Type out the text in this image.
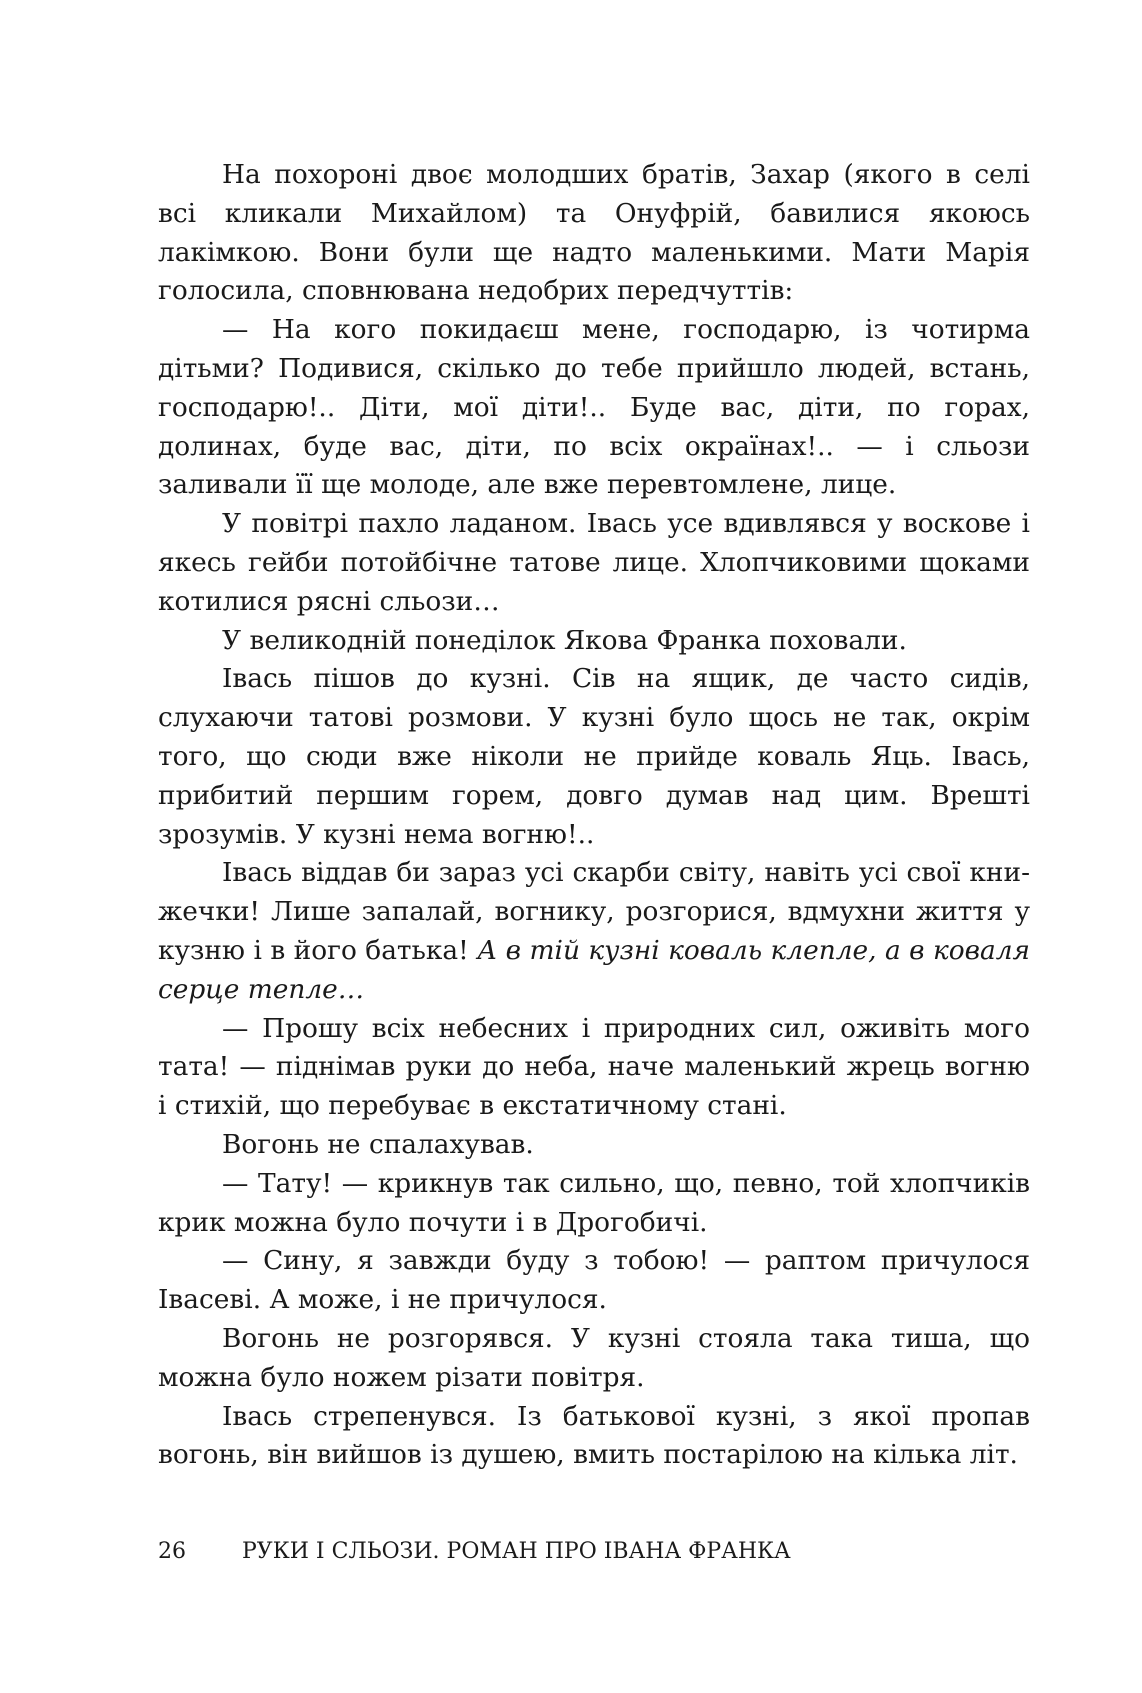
На похороні двоє молодших братів, Захар (якого в селі всі кликали Михайлом) та Онуфрій, бавилися якоюсь лакімкою. Вони були ще надто маленькими. Мати Марія голосила, сповнювана недобрих передчуттів:

— На кого покидаєш мене, господарю, із чотирма дітьми? Подивися, скілько до тебе прийшло людей, встань, господарю!.. Діти, мої діти!.. Буде вас, діти, по горах, долинах, буде вас, діти, по всіх окраїнах!.. — і сльози заливали її ще молоде, але вже перевтомлене, лице.

У повітрі пахло ладаном. Івась усе вдивлявся у воскове і якесь гейби потойбічне татове лице. Хлопчиковими щоками котилися рясні сльози…

У великодній понеділок Якова Франка поховали.

Івась пішов до кузні. Сів на ящик, де часто сидів, слухаючи татові розмови. У кузні було щось не так, окрім того, що сюди вже ніколи не прийде коваль Яць. Івась, прибитий першим горем, довго думав над цим. Врешті зрозумів. У кузні нема вогню!..

Івась віддав би зараз усі скарби світу, навіть усі свої книжечки! Лише запалай, вогнику, розгорися, вдмухни життя у кузню і в його батька! А в тій кузні коваль клепле, а в коваля серце тепле…

— Прошу всіх небесних і природних сил, оживіть мого тата! — піднімав руки до неба, наче маленький жрець вогню і стихій, що перебуває в екстатичному стані.

Вогонь не спалахував.

— Тату! — крикнув так сильно, що, певно, той хлопчиків крик можна було почути і в Дрогобичі.

— Сину, я завжди буду з тобою! — раптом причулося Івасеві. А може, і не причулося.

Вогонь не розгорявся. У кузні стояла така тиша, що можна було ножем різати повітря.

Івась стрепенувся. Із батькової кузні, з якої пропав вогонь, він вийшов із душею, вмить постарілою на кілька літ.

26	РУКИ І СЛЬОЗИ. РОМАН ПРО ІВАНА ФРАНКА
